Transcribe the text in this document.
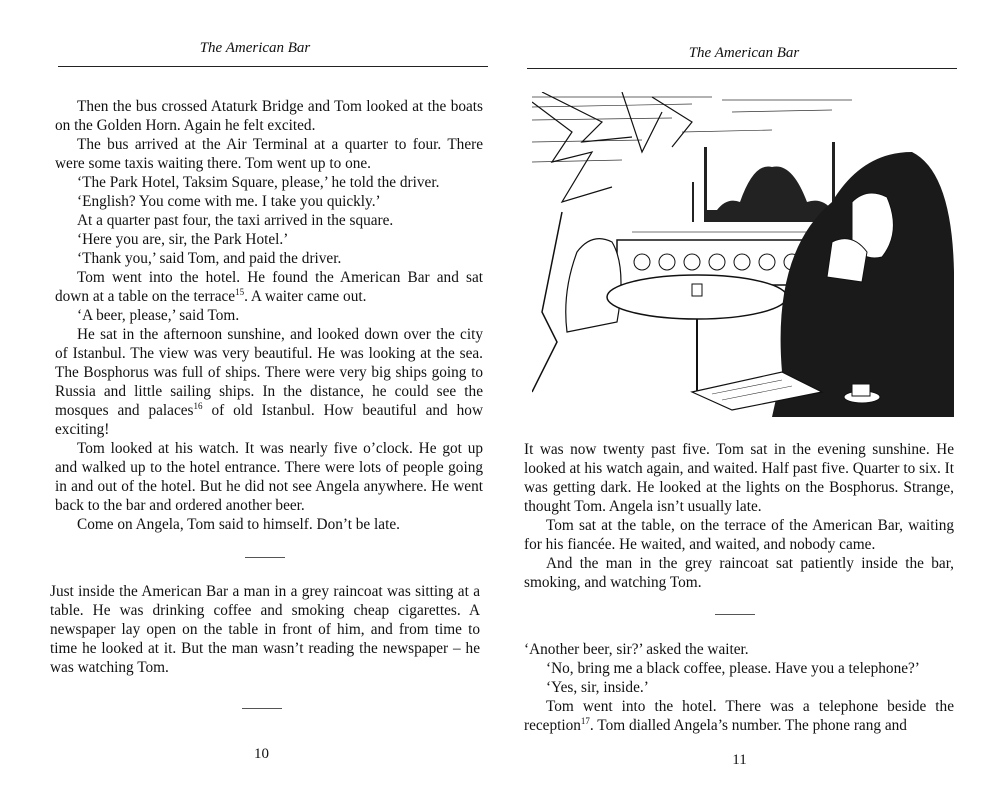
The American Bar

Then the bus crossed Ataturk Bridge and Tom looked at the boats on the Golden Horn. Again he felt excited.

The bus arrived at the Air Terminal at a quarter to four. There were some taxis waiting there. Tom went up to one.

‘The Park Hotel, Taksim Square, please,’ he told the driver.

‘English? You come with me. I take you quickly.’

At a quarter past four, the taxi arrived in the square.

‘Here you are, sir, the Park Hotel.’

‘Thank you,’ said Tom, and paid the driver.

Tom went into the hotel. He found the American Bar and sat down at a table on the terrace$^{15}$. A waiter came out.

‘A beer, please,’ said Tom.

He sat in the afternoon sunshine, and looked down over the city of Istanbul. The view was very beautiful. He was looking at the sea. The Bosphorus was full of ships. There were very big ships going to Russia and little sailing ships. In the distance, he could see the mosques and palaces$^{16}$ of old Istanbul. How beautiful and how exciting!

Tom looked at his watch. It was nearly five o’clock. He got up and walked up to the hotel entrance. There were lots of people going in and out of the hotel. But he did not see Angela anywhere. He went back to the bar and ordered another beer.

Come on Angela, Tom said to himself. Don’t be late.

Just inside the American Bar a man in a grey raincoat was sitting at a table. He was drinking coffee and smoking cheap cigarettes. A newspaper lay open on the table in front of him, and from time to time he looked at it. But the man wasn’t reading the newspaper – he was watching Tom.

10
The American Bar

It was now twenty past five. Tom sat in the evening sunshine. He looked at his watch again, and waited. Half past five. Quarter to six. It was getting dark. He looked at the lights on the Bosphorus. Strange, thought Tom. Angela isn’t usually late.

Tom sat at the table, on the terrace of the American Bar, waiting for his fiancée. He waited, and waited, and nobody came.

And the man in the grey raincoat sat patiently inside the bar, smoking, and watching Tom.

‘Another beer, sir?’ asked the waiter.

‘No, bring me a black coffee, please. Have you a telephone?’

‘Yes, sir, inside.’

Tom went into the hotel. There was a telephone beside the reception$^{17}$. Tom dialled Angela’s number. The phone rang and

11
